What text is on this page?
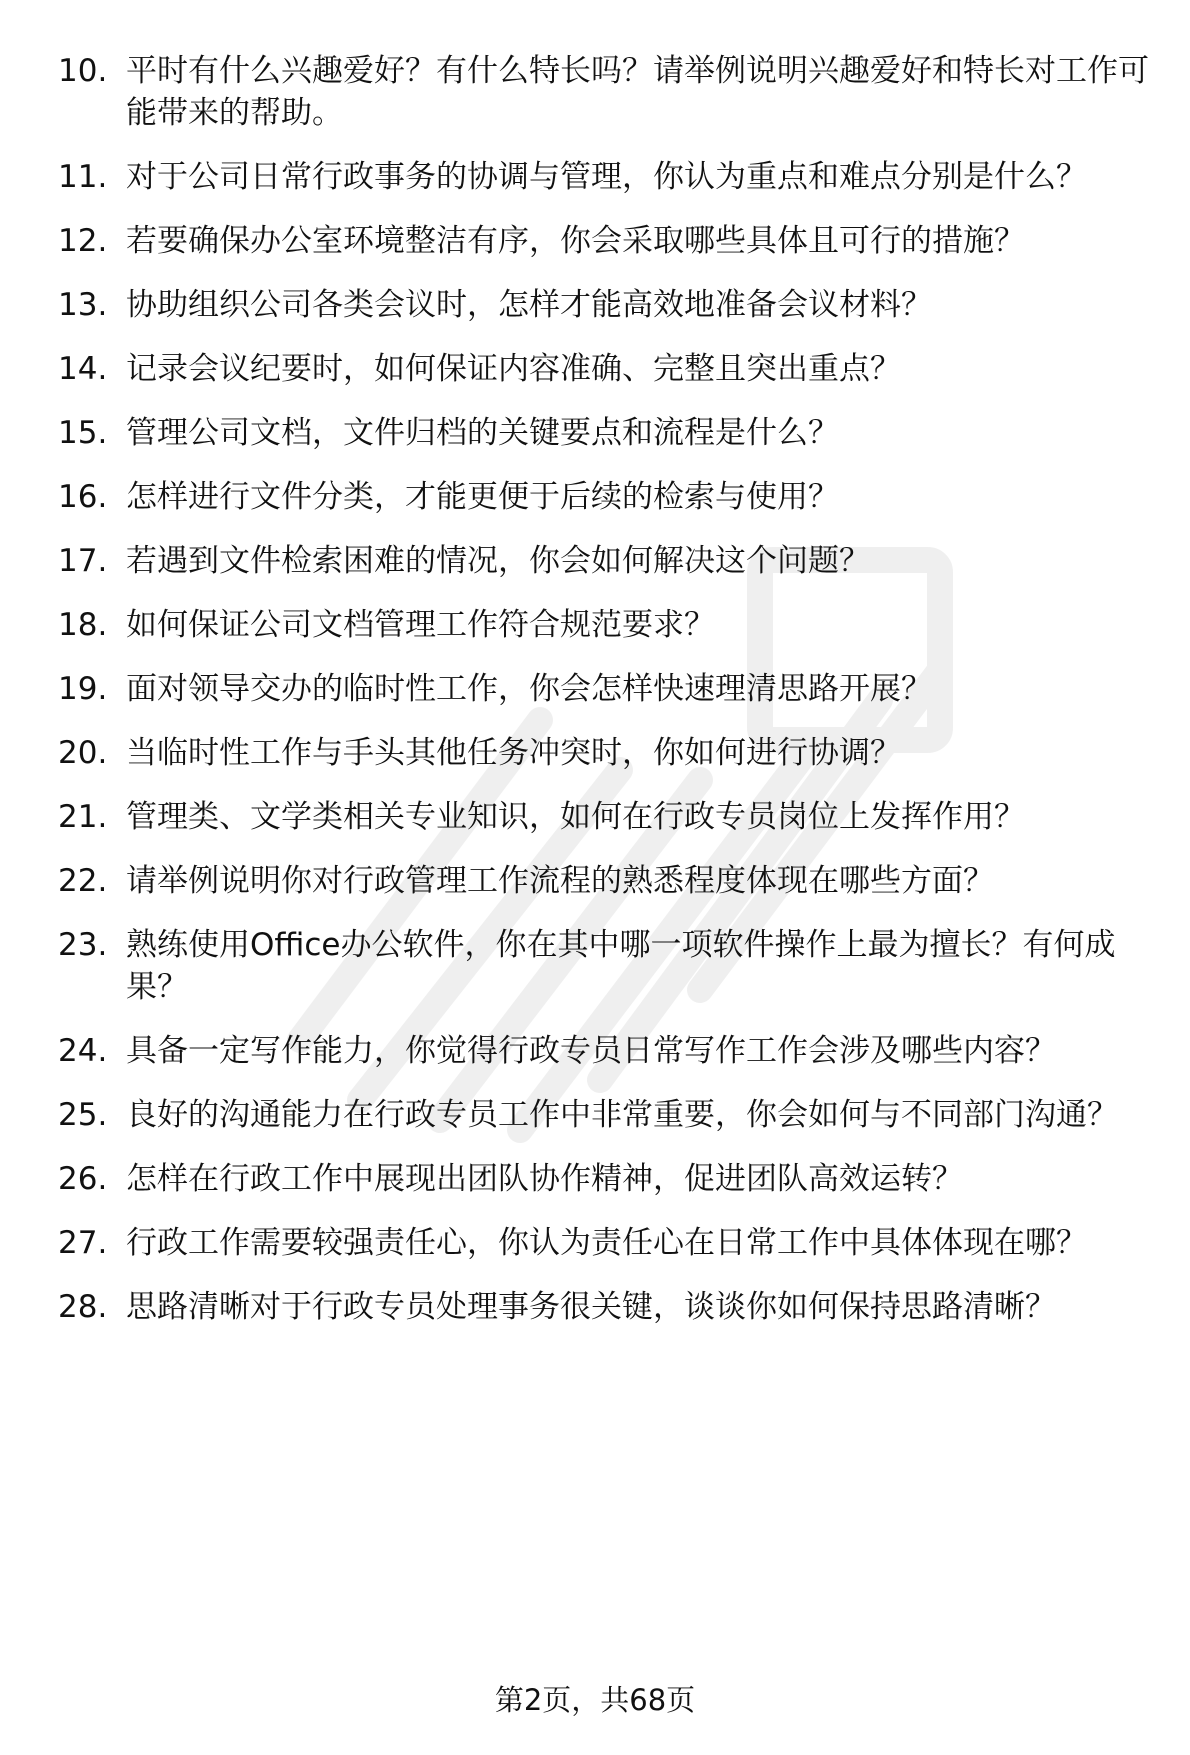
10. 平时有什么兴趣爱好？有什么特长吗？请举例说明兴趣爱好和特长对工作可能带来的帮助。
11. 对于公司日常行政事务的协调与管理，你认为重点和难点分别是什么？
12. 若要确保办公室环境整洁有序，你会采取哪些具体且可行的措施？
13. 协助组织公司各类会议时，怎样才能高效地准备会议材料？
14. 记录会议纪要时，如何保证内容准确、完整且突出重点？
15. 管理公司文档，文件归档的关键要点和流程是什么？
16. 怎样进行文件分类，才能更便于后续的检索与使用？
17. 若遇到文件检索困难的情况，你会如何解决这个问题？
18. 如何保证公司文档管理工作符合规范要求？
19. 面对领导交办的临时性工作，你会怎样快速理清思路开展？
20. 当临时性工作与手头其他任务冲突时，你如何进行协调？
21. 管理类、文学类相关专业知识，如何在行政专员岗位上发挥作用？
22. 请举例说明你对行政管理工作流程的熟悉程度体现在哪些方面？
23. 熟练使用Office办公软件，你在其中哪一项软件操作上最为擅长？有何成果？
24. 具备一定写作能力，你觉得行政专员日常写作工作会涉及哪些内容？
25. 良好的沟通能力在行政专员工作中非常重要，你会如何与不同部门沟通？
26. 怎样在行政工作中展现出团队协作精神，促进团队高效运转？
27. 行政工作需要较强责任心，你认为责任心在日常工作中具体体现在哪？
28. 思路清晰对于行政专员处理事务很关键，谈谈你如何保持思路清晰？
第2页，共68页
